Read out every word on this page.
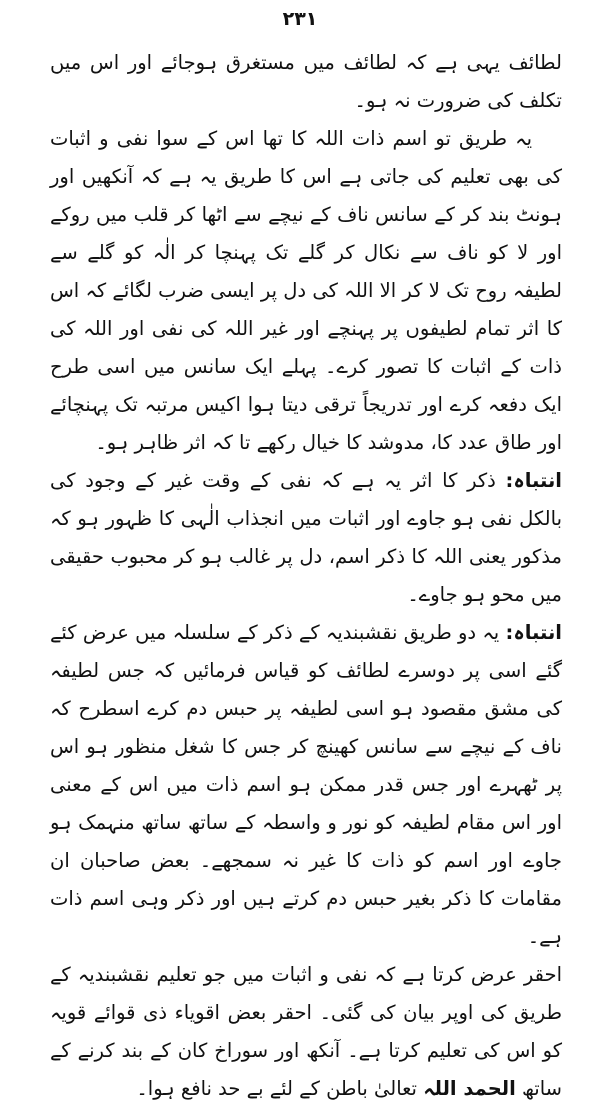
۲۳۱

لطائف یہی ہے کہ لطائف میں مستغرق ہوجائے اور اس میں تکلف کی ضرورت نہ ہو۔

یہ طریق تو اسم ذات اللہ کا تھا اس کے سوا نفی و اثبات کی بھی تعلیم کی جاتی ہے اس کا طریق یہ ہے کہ آنکھیں اور ہونٹ بند کر کے سانس ناف کے نیچے سے اٹھا کر قلب میں روکے اور لا کو ناف سے نکال کر گلے تک پہنچا کر الٰہ کو گلے سے لطیفہ روح تک لا کر الا اللہ کی دل پر ایسی ضرب لگائے کہ اس کا اثر تمام لطیفوں پر پہنچے اور غیر اللہ کی نفی اور اللہ کی ذات کے اثبات کا تصور کرے۔ پہلے ایک سانس میں اسی طرح ایک دفعہ کرے اور تدریجاً ترقی دیتا ہوا اکیس مرتبہ تک پہنچائے اور طاق عدد کا، مدوشد کا خیال رکھے تا کہ اثر ظاہر ہو۔

انتباہ: ذکر کا اثر یہ ہے کہ نفی کے وقت غیر کے وجود کی بالکل نفی ہو جاوے اور اثبات میں انجذاب الٰہی کا ظہور ہو کہ مذکور یعنی اللہ کا ذکر اسم، دل پر غالب ہو کر محبوب حقیقی میں محو ہو جاوے۔

انتباہ: یہ دو طریق نقشبندیہ کے ذکر کے سلسلہ میں عرض کئے گئے اسی پر دوسرے لطائف کو قیاس فرمائیں کہ جس لطیفہ کی مشق مقصود ہو اسی لطیفہ پر حبس دم کرے اسطرح کہ ناف کے نیچے سے سانس کھینچ کر جس کا شغل منظور ہو اس پر ٹھہرے اور جس قدر ممکن ہو اسم ذات میں اس کے معنی اور اس مقام لطیفہ کو نور و واسطہ کے ساتھ ساتھ منہمک ہو جاوے اور اسم کو ذات کا غیر نہ سمجھے۔ بعض صاحبان ان مقامات کا ذکر بغیر حبس دم کرتے ہیں اور ذکر وہی اسم ذات ہے۔

احقر عرض کرتا ہے کہ نفی و اثبات میں جو تعلیم نقشبندیہ کے طریق کی اوپر بیان کی گئی۔ احقر بعض اقویاء ذی قوائے قویہ کو اس کی تعلیم کرتا ہے۔ آنکھ اور سوراخ کان کے بند کرنے کے ساتھ الحمد اللہ تعالیٰ باطن کے لئے بے حد نافع ہوا۔
